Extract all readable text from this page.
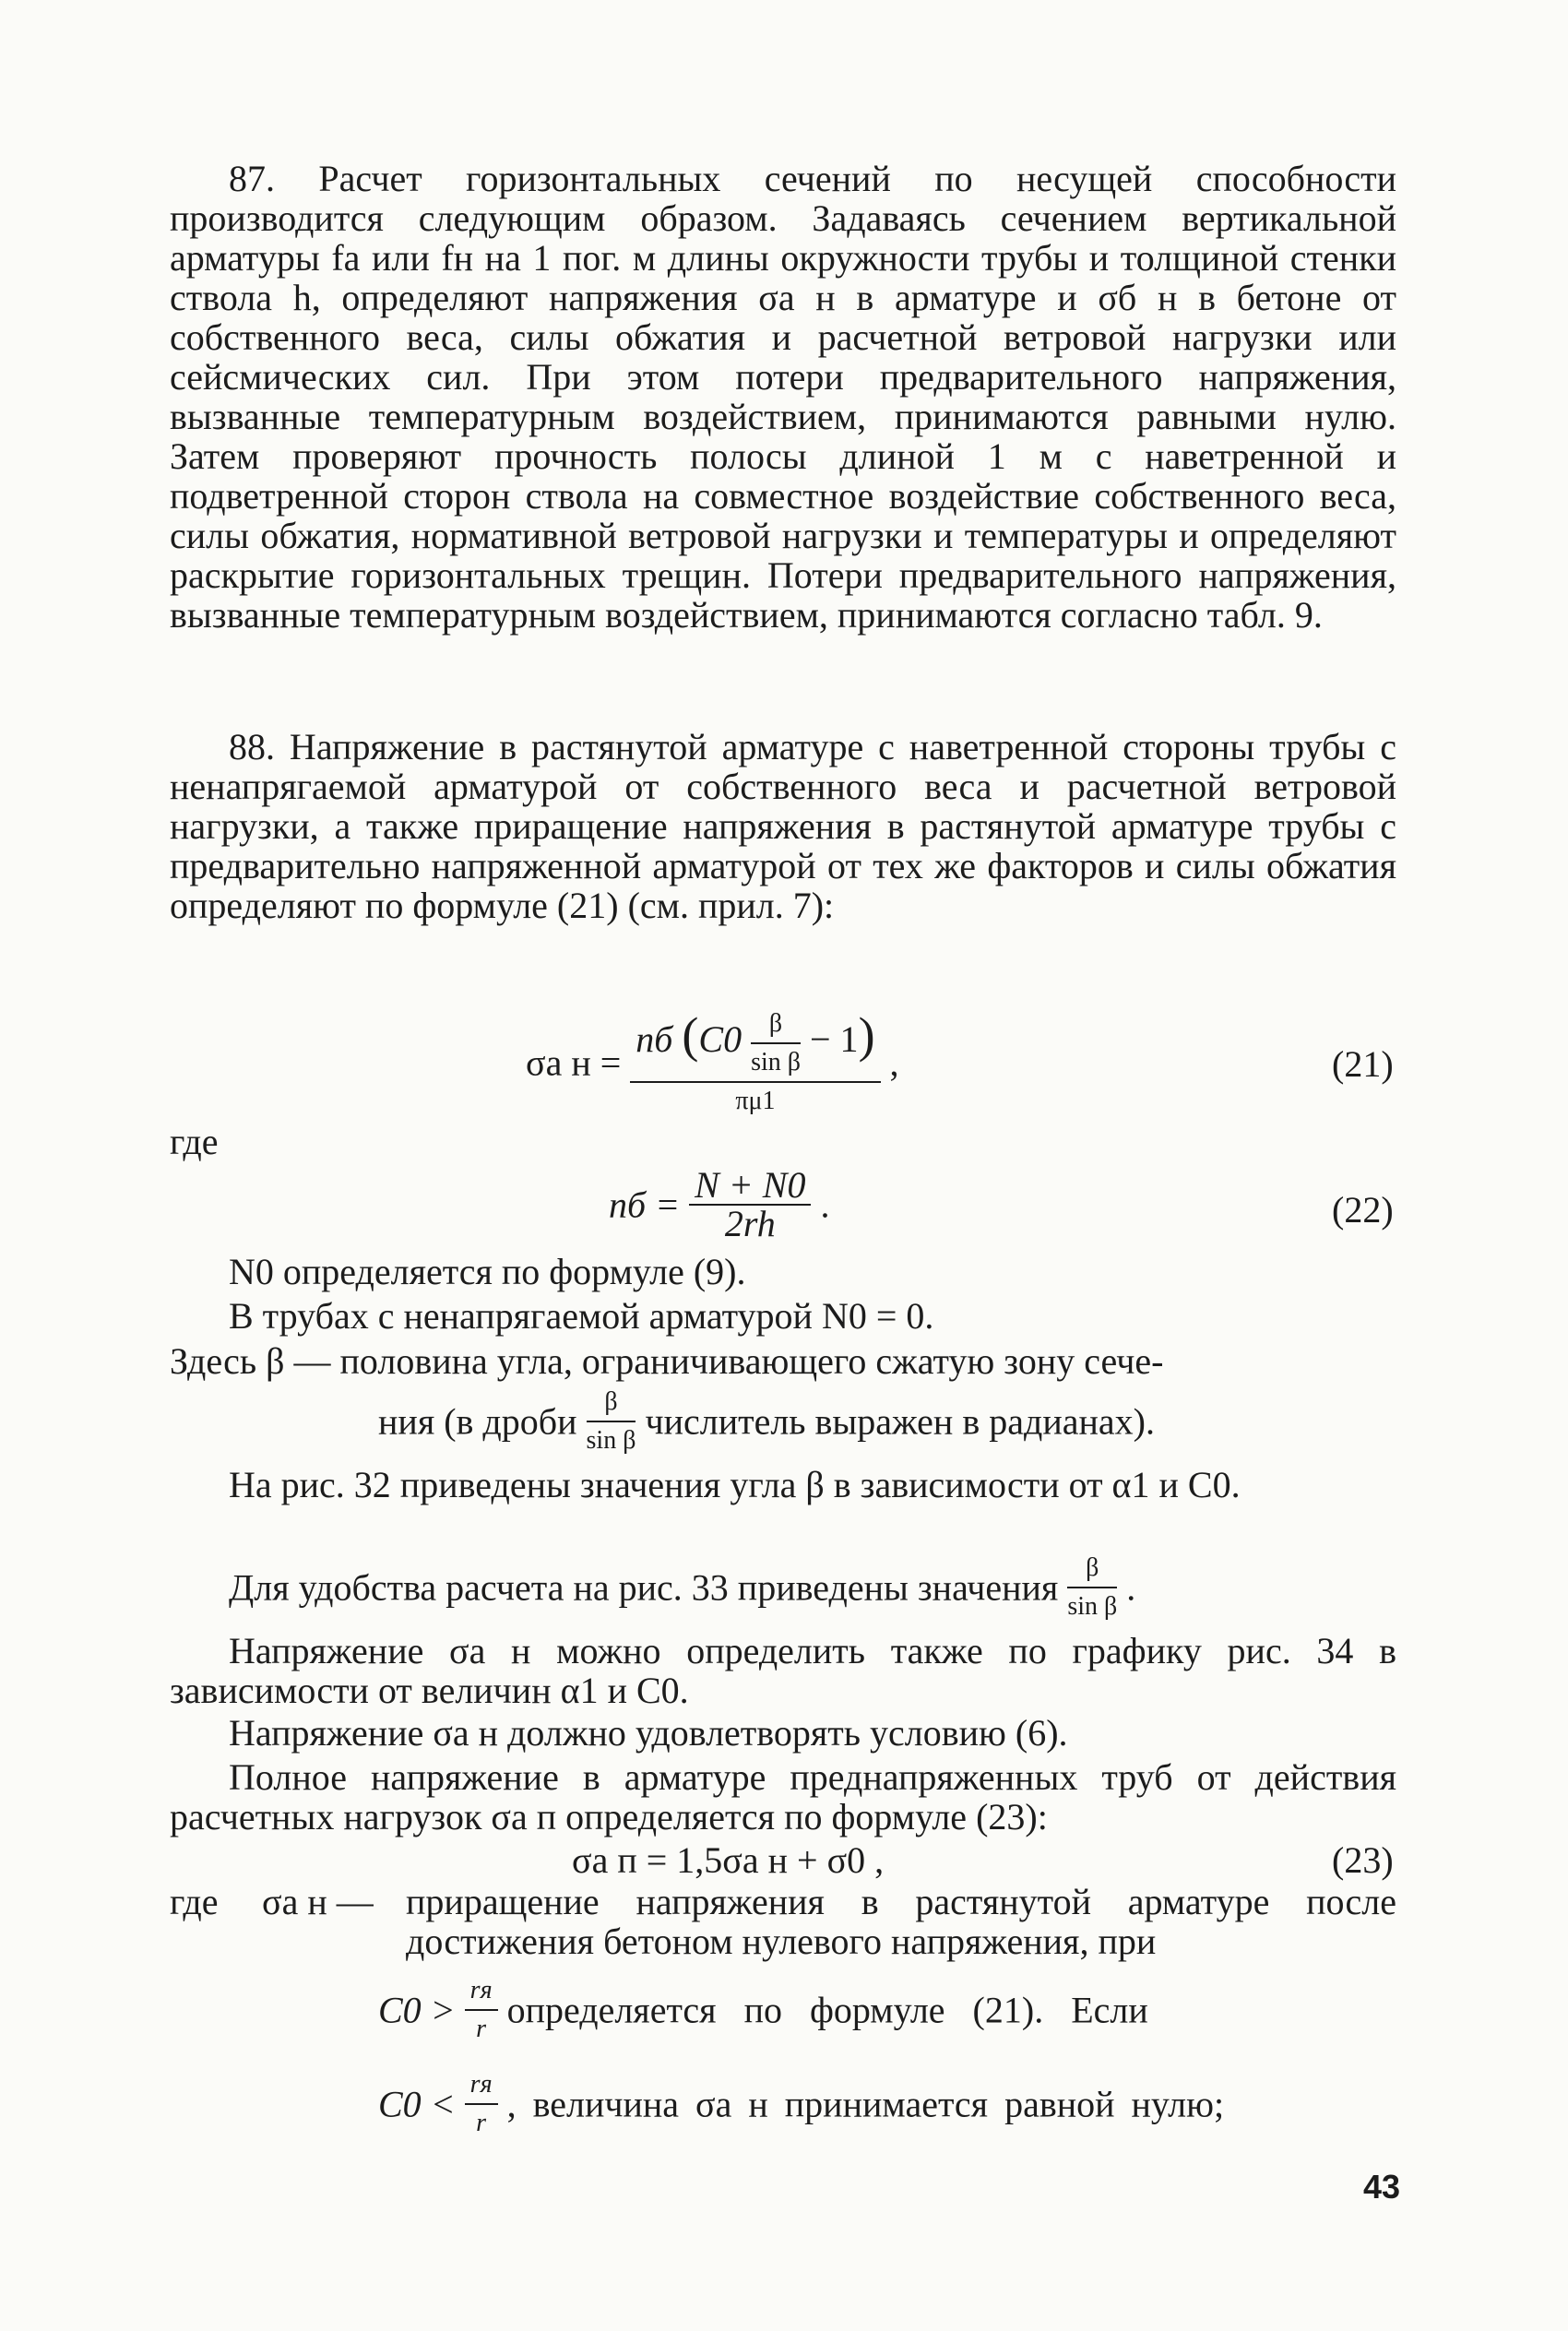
87. Расчет горизонтальных сечений по несущей способности производится следующим образом. Задаваясь сечением вертикальной арматуры fа или fн на 1 пог. м длины окружности трубы и толщиной стенки ствола h, определяют напряжения σа н в арматуре и σб н в бетоне от собственного веса, силы обжатия и расчетной ветровой нагрузки или сейсмических сил. При этом потери предварительного напряжения, вызванные температурным воздействием, принимаются равными нулю. Затем проверяют прочность полосы длиной 1 м с наветренной и подветренной сторон ствола на совместное воздействие собственного веса, силы обжатия, нормативной ветровой нагрузки и температуры и определяют раскрытие горизонтальных трещин. Потери предварительного напряжения, вызванные температурным воздействием, принимаются согласно табл. 9.
88. Напряжение в растянутой арматуре с наветренной стороны трубы с ненапрягаемой арматурой от собственного веса и расчетной ветровой нагрузки, а также приращение напряжения в растянутой арматуре трубы с предварительно напряженной арматурой от тех же факторов и силы обжатия определяют по формуле (21) (см. прил. 7):
σа н =
nб $(C0 \frac{\beta}{\text{sin β}} - 1)$
πμ1
,	(21)
где
nб = $\frac{N + N0}{2rh}$ .	(22)
N0 определяется по формуле (9).
В трубах с ненапрягаемой арматурой N0 = 0.
Здесь β — половина угла, ограничивающего сжатую зону сече-
ния (в дроби $\frac{\beta}{\text{sin β}}$ числитель выражен в радианах).
На рис. 32 приведены значения угла β в зависимости от α1 и C0.
Для удобства расчета на рис. 33 приведены значения $\frac{\beta}{\text{sin β}}$ .
Напряжение σа н можно определить также по графику рис. 34 в зависимости от величин α1 и C0.
Напряжение σа н должно удовлетворять условию (6).
Полное напряжение в арматуре преднапряженных труб от действия расчетных нагрузок σа п определяется по формуле (23):
σа п = 1,5σа н + σ0 ,	(23)
где σа н — приращение напряжения в растянутой арматуре после достижения бетоном нулевого напряжения, при
$C0 > \frac{rя}{r}$ определяется по формуле (21). Если
$C0 < \frac{rя}{r}$ , величина σа н принимается равной нулю;
43
